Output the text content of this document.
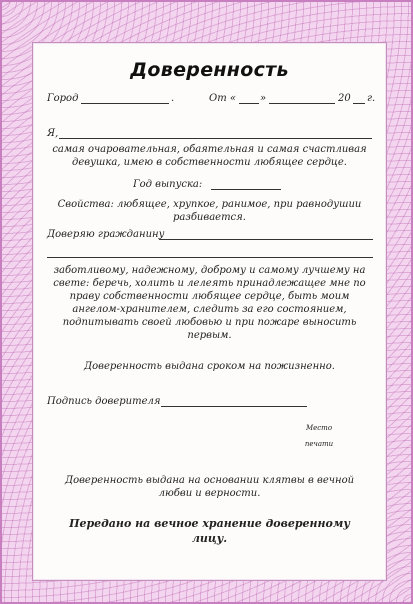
Доверенность
Город	.	От « »	20 г.
Я,
самая очаровательная, обаятельная и самая счастливая
девушка, имею в собственности любящее сердце.
Год выпуска:
Свойства: любящее, хрупкое, ранимое, при равнодушии
разбивается.
Доверяю гражданину
заботливому, надежному, доброму и самому лучшему на
свете: беречь, холить и лелеять принадлежащее мне по
праву собственности любящее сердце, быть моим
ангелом-хранителем, следить за его состоянием,
подпитывать своей любовью и при пожаре выносить
первым.
Доверенность выдана сроком на пожизненно.
Подпись доверителя
Место
печати
Доверенность выдана на основании клятвы в вечной
любви и верности.
Передано на вечное хранение доверенному
лицу.
